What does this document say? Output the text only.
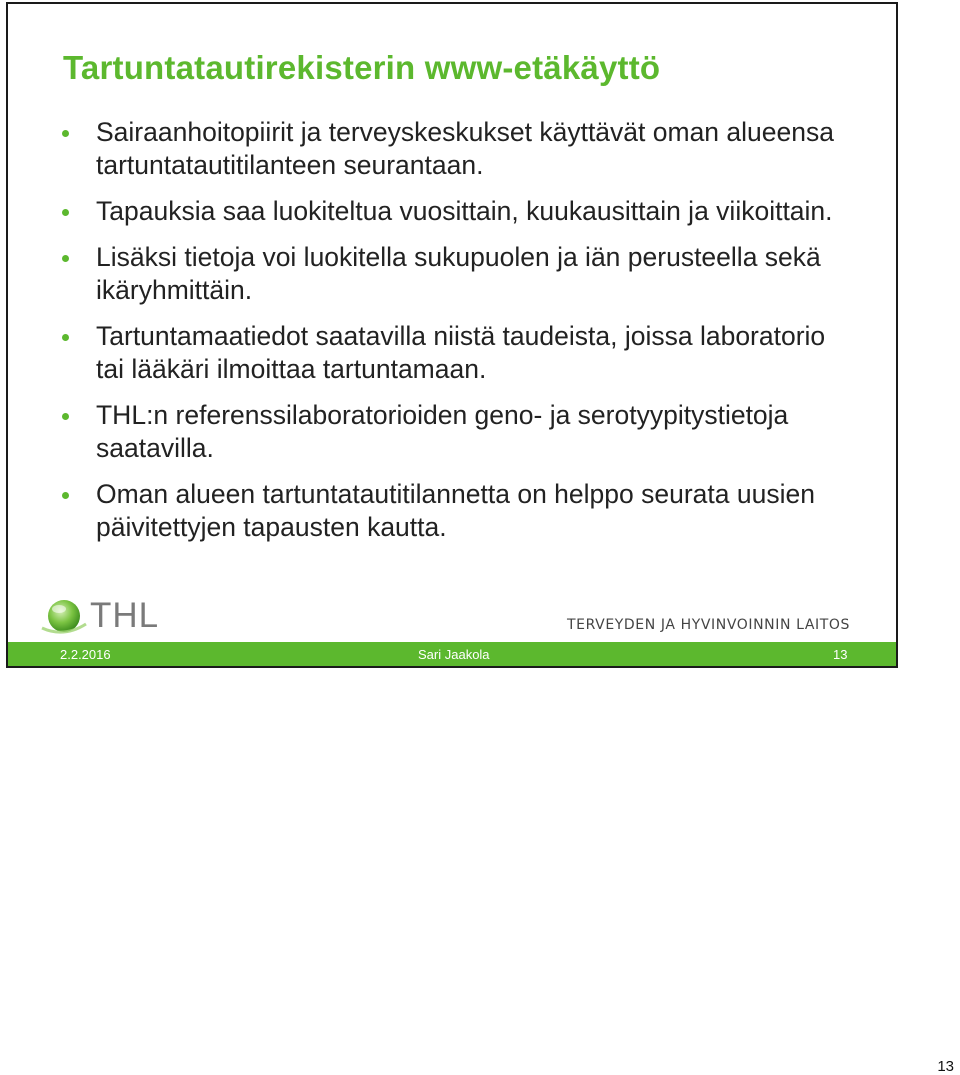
Tartuntatautirekisterin www-etäkäyttö
Sairaanhoitopiirit ja terveyskeskukset käyttävät oman alueensa tartuntatautitilanteen seurantaan.
Tapauksia saa luokiteltua vuosittain, kuukausittain ja viikoittain.
Lisäksi tietoja voi luokitella sukupuolen ja iän perusteella sekä ikäryhmittäin.
Tartuntamaatiedot saatavilla niistä taudeista, joissa laboratorio tai lääkäri ilmoittaa tartuntamaan.
THL:n referenssilaboratorioiden geno- ja serotyypitystietoja saatavilla.
Oman alueen tartuntatautitilannetta on helppo seurata uusien päivitettyjen tapausten kautta.
THL	TERVEYDEN JA HYVINVOINNIN LAITOS
2.2.2016	Sari Jaakola	13
13
